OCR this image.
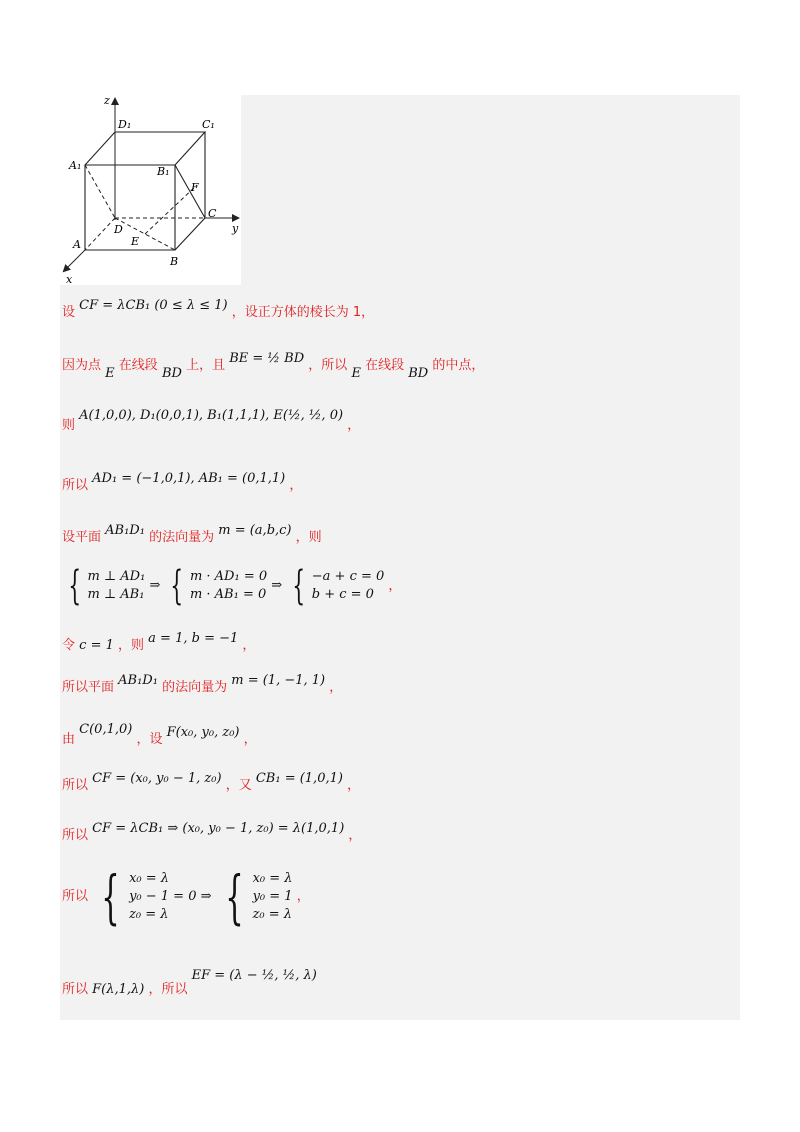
z
y
x
D₁	C₁
A₁	B₁
F
C
D
E
A
B
设 CF = λCB₁ (0 ≤ λ ≤ 1) ，设正方体的棱长为 1，
因为点 E 在线段 BD 上，且 BE = ½ BD ，所以 E 在线段 BD 的中点，
则 A(1,0,0), D₁(0,0,1), B₁(1,1,1), E(½, ½, 0) ，
所以 AD₁ = (−1,0,1), AB₁ = (0,1,1) ，
设平面 AB₁D₁ 的法向量为 m = (a,b,c) ，则
{ m ⊥ AD₁
m ⊥ AB₁ ⇒ { m · AD₁ = 0
m · AB₁ = 0 ⇒ { −a + c = 0
b + c = 0 ，
令 c = 1 ，则 a = 1, b = −1 ，
所以平面 AB₁D₁ 的法向量为 m = (1, −1, 1) ，
由 C(0,1,0) ，设 F(x₀, y₀, z₀) ，
所以 CF = (x₀, y₀ − 1, z₀) ，又 CB₁ = (1,0,1) ，
所以 CF = λCB₁ ⇒ (x₀, y₀ − 1, z₀) = λ(1,0,1) ，
所以 { x₀ = λ
y₀ − 1 = 0
z₀ = λ ⇒ { x₀ = λ
y₀ = 1
z₀ = λ ，
所以 F(λ,1,λ) ，所以 EF = (λ − ½, ½, λ)
